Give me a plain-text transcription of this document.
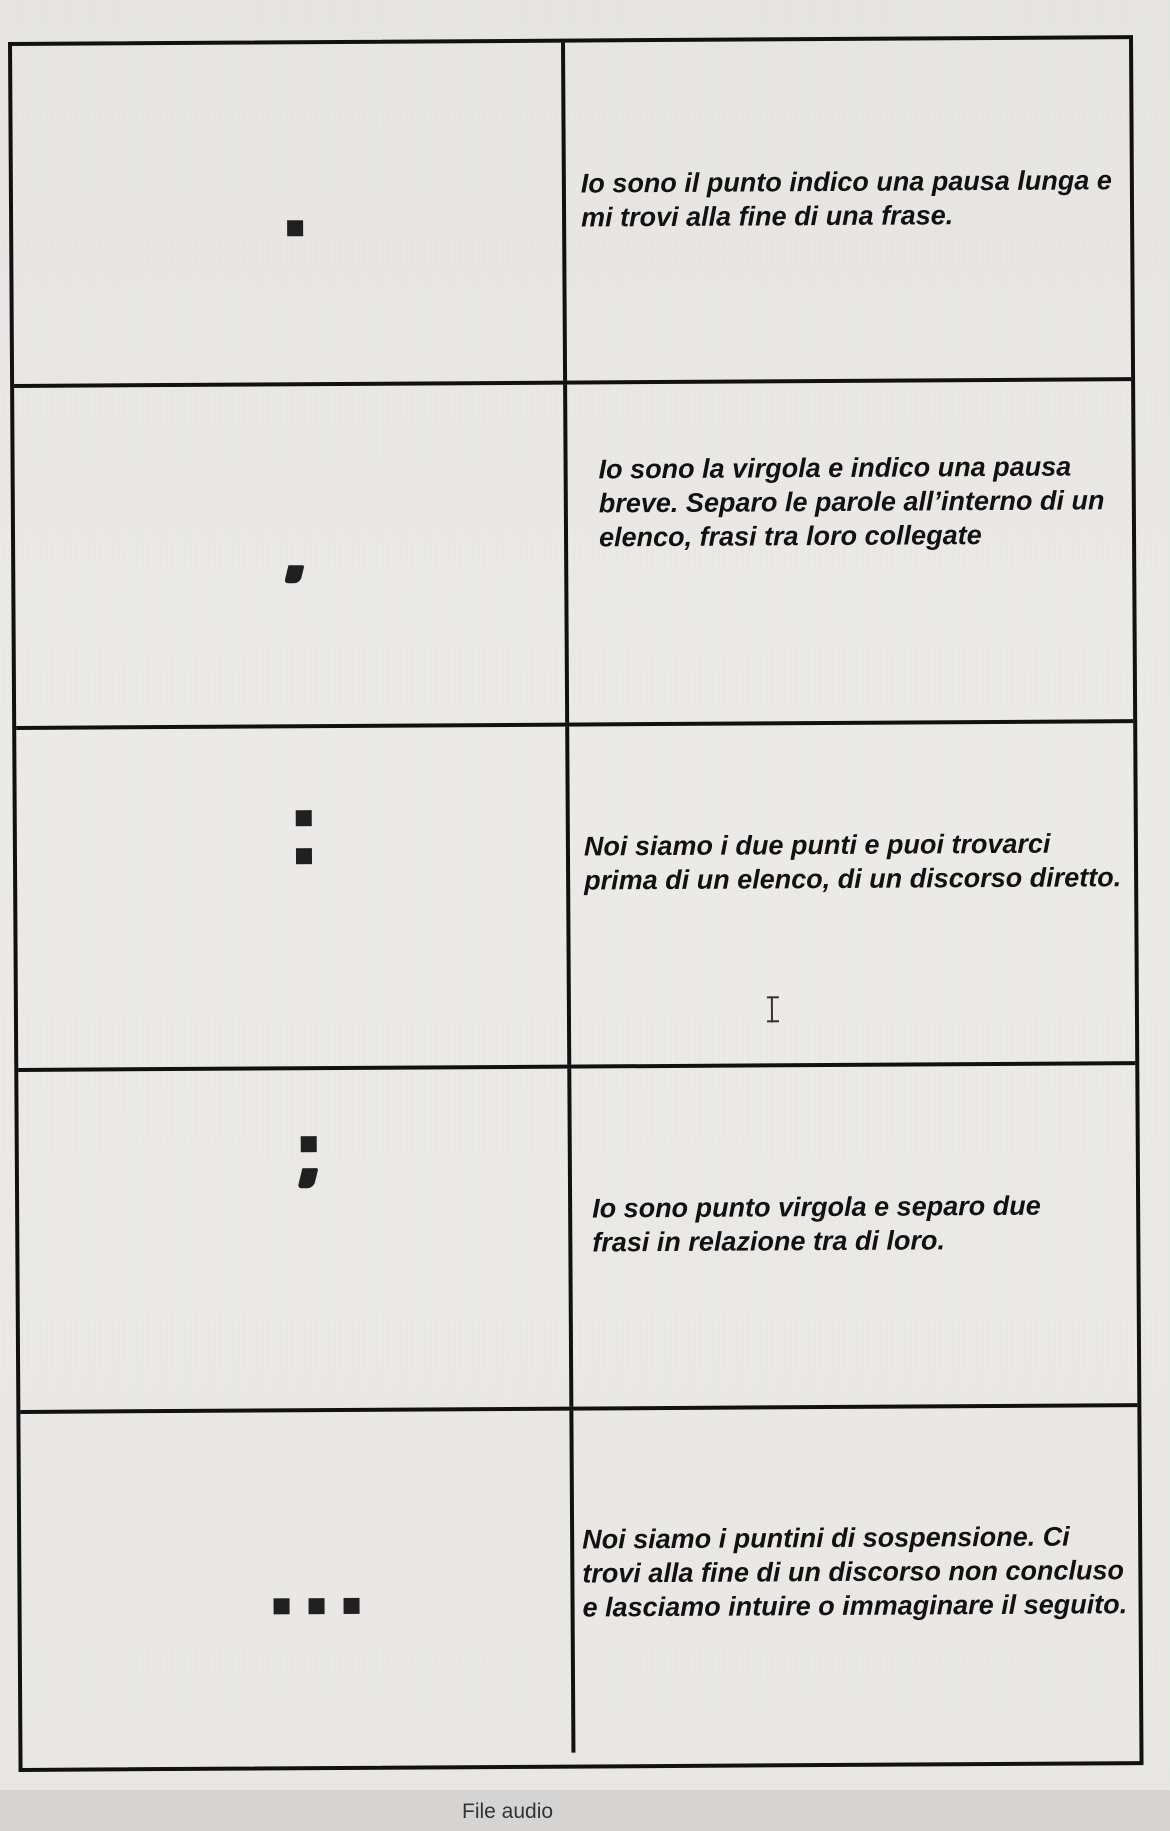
Io sono il punto indico una pausa lunga e
mi trovi alla fine di una frase.
Io sono la virgola e indico una pausa
breve. Separo le parole all’interno di un
elenco, frasi tra loro collegate
Noi siamo i due punti e puoi trovarci
prima di un elenco, di un discorso diretto.
Io sono punto virgola e separo due
frasi in relazione tra di loro.
Noi siamo i puntini di sospensione. Ci
trovi alla fine di un discorso non concluso
e lasciamo intuire o immaginare il seguito.
File audio
